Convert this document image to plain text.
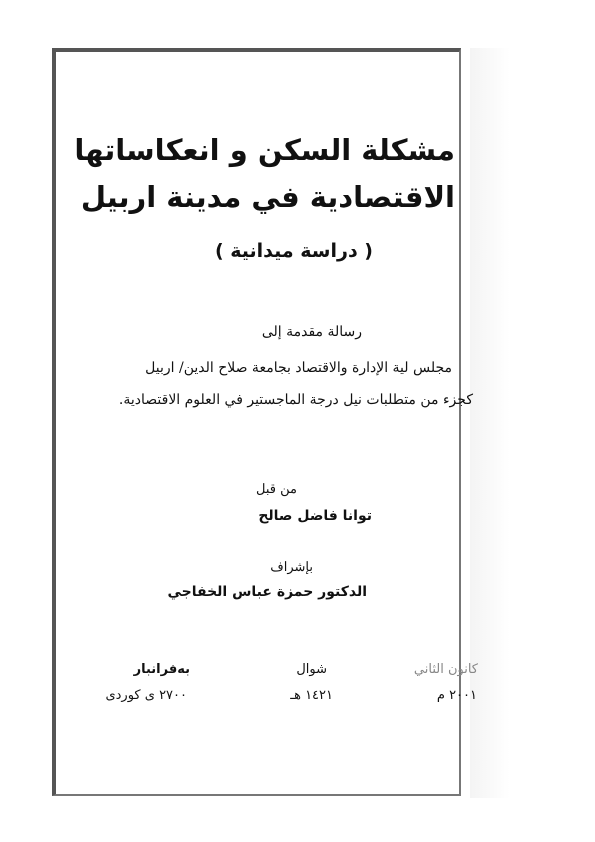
مشكلة السكن و انعكاساتها
الاقتصادية في مدينة اربيل
( دراسة ميدانية )
رسالة مقدمة إلى
مجلس لية الإدارة والاقتصاد بجامعة صلاح الدين/ اربيل
كجزء من متطلبات نيل درجة الماجستير في العلوم الاقتصادية.
من قبل
توانا فاضل صالح
بإشراف
الدكتور حمزة عباس الخفاجي
كانون الثاني
٢٠٠١ م
شوال
١٤٢١ هـ
بەفرانبار
٢٧٠٠ ی کوردی
